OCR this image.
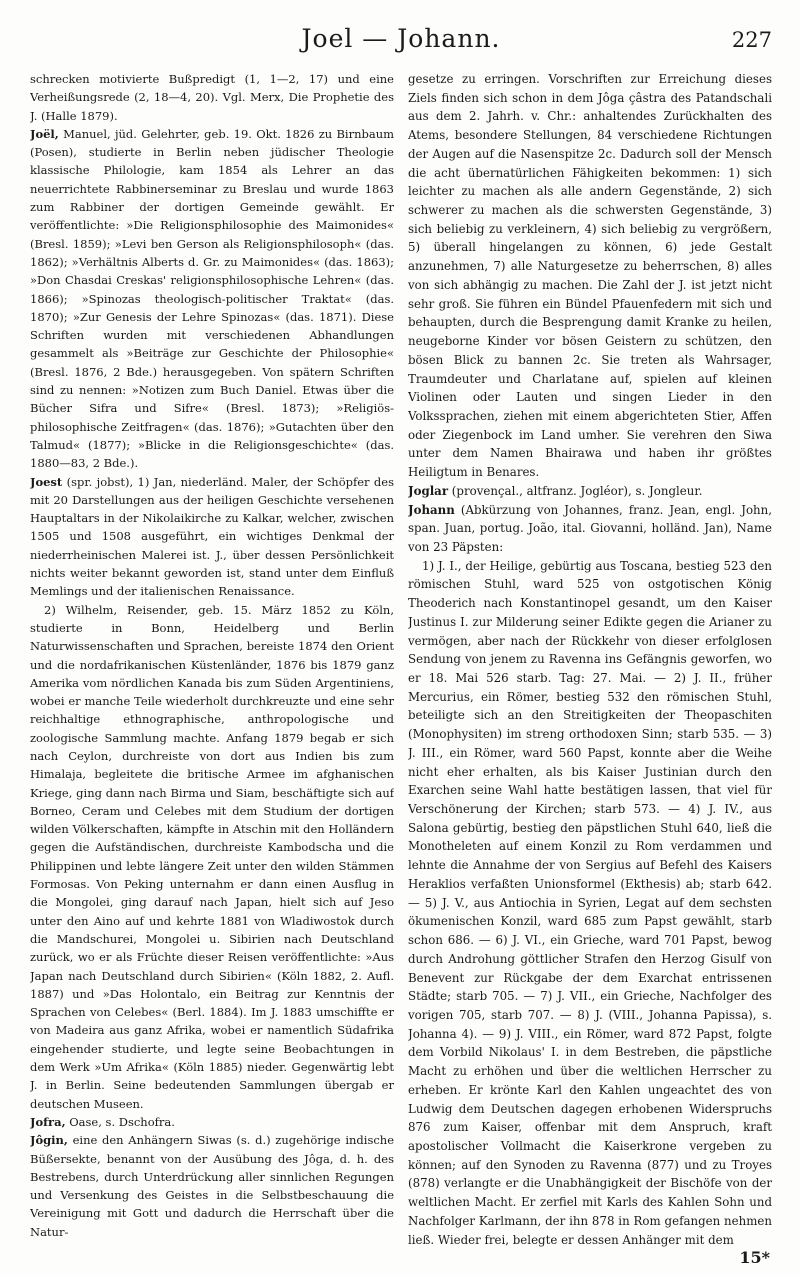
Joel — Johann.	227

schrecken motivierte Bußpredigt (1, 1—2, 17) und eine Verheißungsrede (2, 18—4, 20). Vgl. Merx, Die Prophetie des J. (Halle 1879).

Joël, Manuel, jüd. Gelehrter, geb. 19. Okt. 1826 zu Birnbaum (Posen), studierte in Berlin neben jüdischer Theologie klassische Philologie, kam 1854 als Lehrer an das neuerrichtete Rabbinerseminar zu Breslau und wurde 1863 zum Rabbiner der dortigen Gemeinde gewählt. Er veröffentlichte: »Die Religionsphilosophie des Maimonides« (Bresl. 1859); »Levi ben Gerson als Religionsphilosoph« (das. 1862); »Verhältnis Alberts d. Gr. zu Maimonides« (das. 1863); »Don Chasdai Creskas' religionsphilosophische Lehren« (das. 1866); »Spinozas theologisch-politischer Traktat« (das. 1870); »Zur Genesis der Lehre Spinozas« (das. 1871). Diese Schriften wurden mit verschiedenen Abhandlungen gesammelt als »Beiträge zur Geschichte der Philosophie« (Bresl. 1876, 2 Bde.) herausgegeben. Von spätern Schriften sind zu nennen: »Notizen zum Buch Daniel. Etwas über die Bücher Sifra und Sifre« (Bresl. 1873); »Religiös-philosophische Zeitfragen« (das. 1876); »Gutachten über den Talmud« (1877); »Blicke in die Religionsgeschichte« (das. 1880—83, 2 Bde.).

Joest (spr. jobst), 1) Jan, niederländ. Maler, der Schöpfer des mit 20 Darstellungen aus der heiligen Geschichte versehenen Hauptaltars in der Nikolaikirche zu Kalkar, welcher, zwischen 1505 und 1508 ausgeführt, ein wichtiges Denkmal der niederrheinischen Malerei ist. J., über dessen Persönlichkeit nichts weiter bekannt geworden ist, stand unter dem Einfluß Memlings und der italienischen Renaissance.

2) Wilhelm, Reisender, geb. 15. März 1852 zu Köln, studierte in Bonn, Heidelberg und Berlin Naturwissenschaften und Sprachen, bereiste 1874 den Orient und die nordafrikanischen Küstenländer, 1876 bis 1879 ganz Amerika vom nördlichen Kanada bis zum Süden Argentiniens, wobei er manche Teile wiederholt durchkreuzte und eine sehr reichhaltige ethnographische, anthropologische und zoologische Sammlung machte. Anfang 1879 begab er sich nach Ceylon, durchreiste von dort aus Indien bis zum Himalaja, begleitete die britische Armee im afghanischen Kriege, ging dann nach Birma und Siam, beschäftigte sich auf Borneo, Ceram und Celebes mit dem Studium der dortigen wilden Völkerschaften, kämpfte in Atschin mit den Holländern gegen die Aufständischen, durchreiste Kambodscha und die Philippinen und lebte längere Zeit unter den wilden Stämmen Formosas. Von Peking unternahm er dann einen Ausflug in die Mongolei, ging darauf nach Japan, hielt sich auf Jeso unter den Aino auf und kehrte 1881 von Wladiwostok durch die Mandschurei, Mongolei u. Sibirien nach Deutschland zurück, wo er als Früchte dieser Reisen veröffentlichte: »Aus Japan nach Deutschland durch Sibirien« (Köln 1882, 2. Aufl. 1887) und »Das Holontalo, ein Beitrag zur Kenntnis der Sprachen von Celebes« (Berl. 1884). Im J. 1883 umschiffte er von Madeira aus ganz Afrika, wobei er namentlich Südafrika eingehender studierte, und legte seine Beobachtungen in dem Werk »Um Afrika« (Köln 1885) nieder. Gegenwärtig lebt J. in Berlin. Seine bedeutenden Sammlungen übergab er deutschen Museen.

Jofra, Oase, s. Dschofra.

Jôgin, eine den Anhängern Siwas (s. d.) zugehörige indische Büßersekte, benannt von der Ausübung des Jôga, d. h. des Bestrebens, durch Unterdrückung aller sinnlichen Regungen und Versenkung des Geistes in die Selbstbeschauung die Vereinigung mit Gott und dadurch die Herrschaft über die Natur-

gesetze zu erringen. Vorschriften zur Erreichung dieses Ziels finden sich schon in dem Jôga çâstra des Patandschali aus dem 2. Jahrh. v. Chr.: anhaltendes Zurückhalten des Atems, besondere Stellungen, 84 verschiedene Richtungen der Augen auf die Nasenspitze 2c. Dadurch soll der Mensch die acht übernatürlichen Fähigkeiten bekommen: 1) sich leichter zu machen als alle andern Gegenstände, 2) sich schwerer zu machen als die schwersten Gegenstände, 3) sich beliebig zu verkleinern, 4) sich beliebig zu vergrößern, 5) überall hingelangen zu können, 6) jede Gestalt anzunehmen, 7) alle Naturgesetze zu beherrschen, 8) alles von sich abhängig zu machen. Die Zahl der J. ist jetzt nicht sehr groß. Sie führen ein Bündel Pfauenfedern mit sich und behaupten, durch die Besprengung damit Kranke zu heilen, neugeborne Kinder vor bösen Geistern zu schützen, den bösen Blick zu bannen 2c. Sie treten als Wahrsager, Traumdeuter und Charlatane auf, spielen auf kleinen Violinen oder Lauten und singen Lieder in den Volkssprachen, ziehen mit einem abgerichteten Stier, Affen oder Ziegenbock im Land umher. Sie verehren den Siwa unter dem Namen Bhairawa und haben ihr größtes Heiligtum in Benares.

Joglar (provençal., altfranz. Jogléor), s. Jongleur.

Johann (Abkürzung von Johannes, franz. Jean, engl. John, span. Juan, portug. João, ital. Giovanni, holländ. Jan), Name von 23 Päpsten:

1) J. I., der Heilige, gebürtig aus Toscana, bestieg 523 den römischen Stuhl, ward 525 von ostgotischen König Theoderich nach Konstantinopel gesandt, um den Kaiser Justinus I. zur Milderung seiner Edikte gegen die Arianer zu vermögen, aber nach der Rückkehr von dieser erfolglosen Sendung von jenem zu Ravenna ins Gefängnis geworfen, wo er 18. Mai 526 starb. Tag: 27. Mai. — 2) J. II., früher Mercurius, ein Römer, bestieg 532 den römischen Stuhl, beteiligte sich an den Streitigkeiten der Theopaschiten (Monophysiten) im streng orthodoxen Sinn; starb 535. — 3) J. III., ein Römer, ward 560 Papst, konnte aber die Weihe nicht eher erhalten, als bis Kaiser Justinian durch den Exarchen seine Wahl hatte bestätigen lassen, that viel für Verschönerung der Kirchen; starb 573. — 4) J. IV., aus Salona gebürtig, bestieg den päpstlichen Stuhl 640, ließ die Monotheleten auf einem Konzil zu Rom verdammen und lehnte die Annahme der von Sergius auf Befehl des Kaisers Heraklios verfaßten Unionsformel (Ekthesis) ab; starb 642. — 5) J. V., aus Antiochia in Syrien, Legat auf dem sechsten ökumenischen Konzil, ward 685 zum Papst gewählt, starb schon 686. — 6) J. VI., ein Grieche, ward 701 Papst, bewog durch Androhung göttlicher Strafen den Herzog Gisulf von Benevent zur Rückgabe der dem Exarchat entrissenen Städte; starb 705. — 7) J. VII., ein Grieche, Nachfolger des vorigen 705, starb 707. — 8) J. (VIII., Johanna Papissa), s. Johanna 4). — 9) J. VIII., ein Römer, ward 872 Papst, folgte dem Vorbild Nikolaus' I. in dem Bestreben, die päpstliche Macht zu erhöhen und über die weltlichen Herrscher zu erheben. Er krönte Karl den Kahlen ungeachtet des von Ludwig dem Deutschen dagegen erhobenen Widerspruchs 876 zum Kaiser, offenbar mit dem Anspruch, kraft apostolischer Vollmacht die Kaiserkrone vergeben zu können; auf den Synoden zu Ravenna (877) und zu Troyes (878) verlangte er die Unabhängigkeit der Bischöfe von der weltlichen Macht. Er zerfiel mit Karls des Kahlen Sohn und Nachfolger Karlmann, der ihn 878 in Rom gefangen nehmen ließ. Wieder frei, belegte er dessen Anhänger mit dem

15*
